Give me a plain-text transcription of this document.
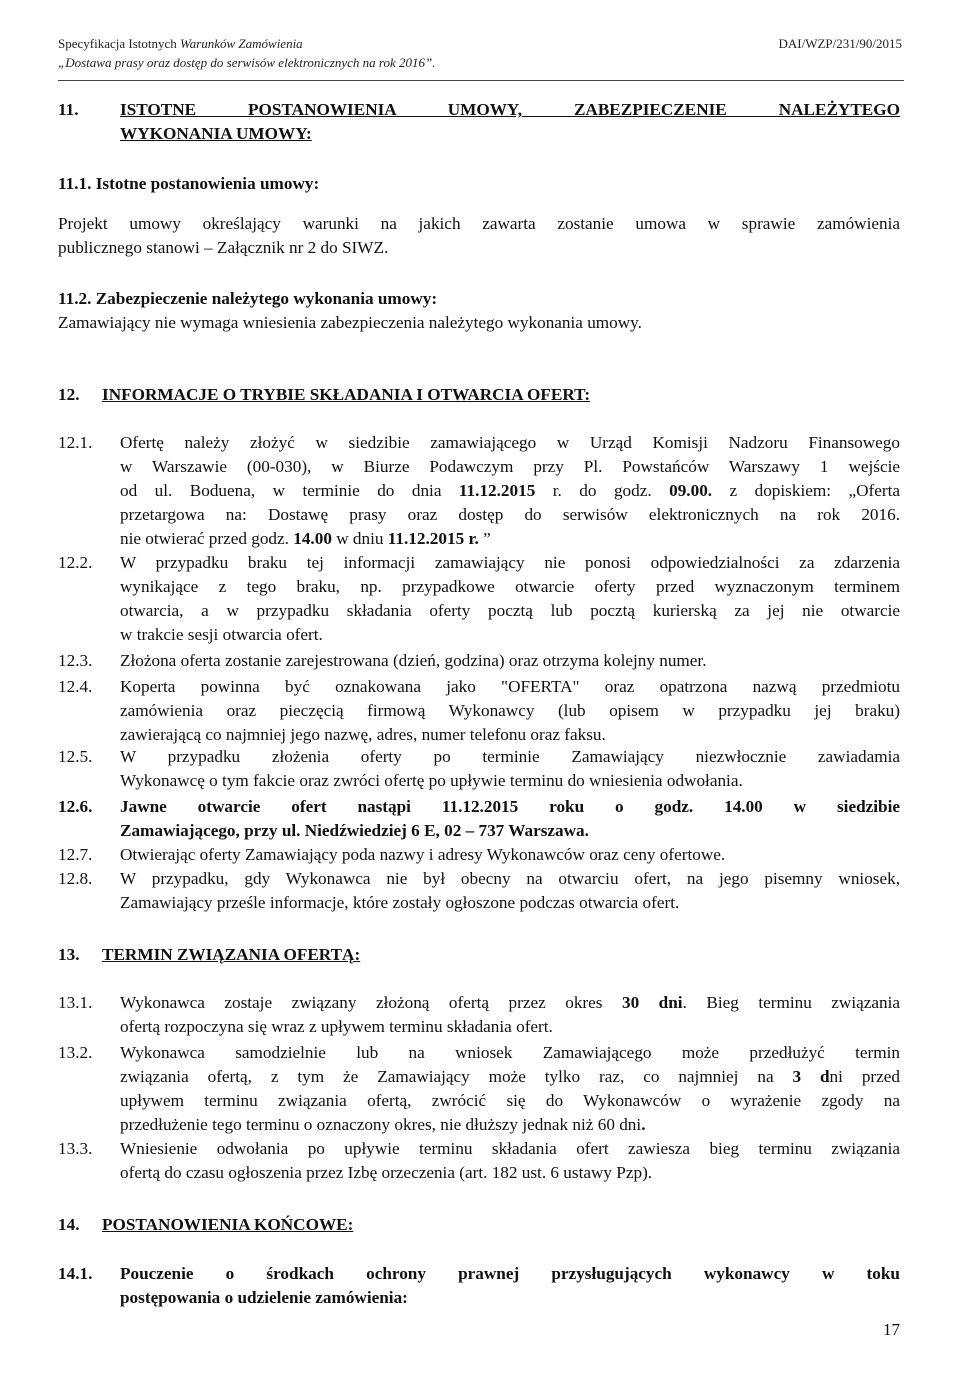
Specyfikacja Istotnych Warunków Zamówienia
„Dostawa prasy oraz dostęp do serwisów elektronicznych na rok 2016”.
DAI/WZP/231/90/2015
11. ISTOTNE POSTANOWIENIA UMOWY, ZABEZPIECZENIE NALEŻYTEGO
WYKONANIA UMOWY:
11.1. Istotne postanowienia umowy:
Projekt umowy określający warunki na jakich zawarta zostanie umowa w sprawie zamówienia
publicznego stanowi – Załącznik nr 2 do SIWZ.
11.2. Zabezpieczenie należytego wykonania umowy:
Zamawiający nie wymaga wniesienia zabezpieczenia należytego wykonania umowy.
12. INFORMACJE O TRYBIE SKŁADANIA I OTWARCIA OFERT:
12.1. Ofertę należy złożyć w siedzibie zamawiającego w Urząd Komisji Nadzoru Finansowego
w Warszawie (00-030), w Biurze Podawczym przy Pl. Powstańców Warszawy 1 wejście
od ul. Boduena, w terminie do dnia 11.12.2015 r. do godz. 09.00. z dopiskiem: „Oferta
przetargowa na: Dostawę prasy oraz dostęp do serwisów elektronicznych na rok 2016.
nie otwierać przed godz. 14.00 w dniu 11.12.2015 r. ”
12.2. W przypadku braku tej informacji zamawiający nie ponosi odpowiedzialności za zdarzenia
wynikające z tego braku, np. przypadkowe otwarcie oferty przed wyznaczonym terminem
otwarcia, a w przypadku składania oferty pocztą lub pocztą kurierską za jej nie otwarcie
w trakcie sesji otwarcia ofert.
12.3. Złożona oferta zostanie zarejestrowana (dzień, godzina) oraz otrzyma kolejny numer.
12.4. Koperta powinna być oznakowana jako "OFERTA" oraz opatrzona nazwą przedmiotu
zamówienia oraz pieczęcią firmową Wykonawcy (lub opisem w przypadku jej braku)
zawierającą co najmniej jego nazwę, adres, numer telefonu oraz faksu.
12.5. W przypadku złożenia oferty po terminie Zamawiający niezwłocznie zawiadamia
Wykonawcę o tym fakcie oraz zwróci ofertę po upływie terminu do wniesienia odwołania.
12.6. Jawne otwarcie ofert nastąpi 11.12.2015 roku o godz. 14.00 w siedzibie
Zamawiającego, przy ul. Niedźwiedziej 6 E, 02 – 737 Warszawa.
12.7. Otwierając oferty Zamawiający poda nazwy i adresy Wykonawców oraz ceny ofertowe.
12.8. W przypadku, gdy Wykonawca nie był obecny na otwarciu ofert, na jego pisemny wniosek,
Zamawiający prześle informacje, które zostały ogłoszone podczas otwarcia ofert.
13. TERMIN ZWIĄZANIA OFERTĄ:
13.1. Wykonawca zostaje związany złożoną ofertą przez okres 30 dni. Bieg terminu związania
ofertą rozpoczyna się wraz z upływem terminu składania ofert.
13.2. Wykonawca samodzielnie lub na wniosek Zamawiającego może przedłużyć termin
związania ofertą, z tym że Zamawiający może tylko raz, co najmniej na 3 dni przed
upływem terminu związania ofertą, zwrócić się do Wykonawców o wyrażenie zgody na
przedłużenie tego terminu o oznaczony okres, nie dłuższy jednak niż 60 dni.
13.3. Wniesienie odwołania po upływie terminu składania ofert zawiesza bieg terminu związania
ofertą do czasu ogłoszenia przez Izbę orzeczenia (art. 182 ust. 6 ustawy Pzp).
14. POSTANOWIENIA KOŃCOWE:
14.1. Pouczenie o środkach ochrony prawnej przysługujących wykonawcy w toku
postępowania o udzielenie zamówienia:
17
